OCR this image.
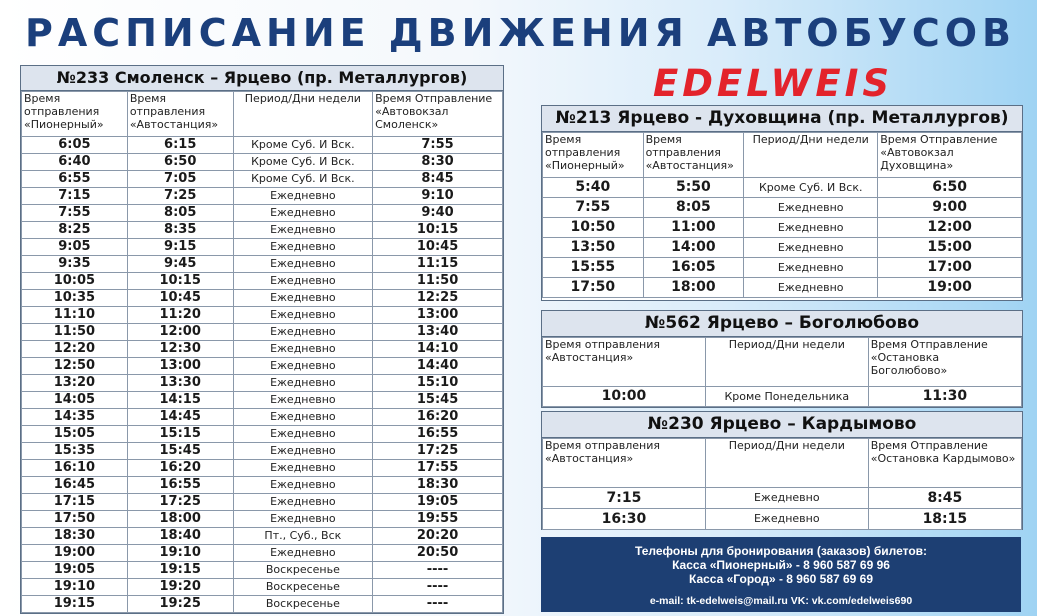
РАСПИСАНИЕ ДВИЖЕНИЯ АВТОБУСОВ
EDELWEIS
№233 Смоленск – Ярцево (пр. Металлургов)
Время отправления «Пионерный»	Время отправления «Автостанция»	Период/Дни недели	Время Отправление «Автовокзал Смоленск»
6:05	6:15	Кроме Суб. И Вск.	7:55
6:40	6:50	Кроме Суб. И Вск.	8:30
6:55	7:05	Кроме Суб. И Вск.	8:45
7:15	7:25	Ежедневно	9:10
7:55	8:05	Ежедневно	9:40
8:25	8:35	Ежедневно	10:15
9:05	9:15	Ежедневно	10:45
9:35	9:45	Ежедневно	11:15
10:05	10:15	Ежедневно	11:50
10:35	10:45	Ежедневно	12:25
11:10	11:20	Ежедневно	13:00
11:50	12:00	Ежедневно	13:40
12:20	12:30	Ежедневно	14:10
12:50	13:00	Ежедневно	14:40
13:20	13:30	Ежедневно	15:10
14:05	14:15	Ежедневно	15:45
14:35	14:45	Ежедневно	16:20
15:05	15:15	Ежедневно	16:55
15:35	15:45	Ежедневно	17:25
16:10	16:20	Ежедневно	17:55
16:45	16:55	Ежедневно	18:30
17:15	17:25	Ежедневно	19:05
17:50	18:00	Ежедневно	19:55
18:30	18:40	Пт., Суб., Вск	20:20
19:00	19:10	Ежедневно	20:50
19:05	19:15	Воскресенье	----
19:10	19:20	Воскресенье	----
19:15	19:25	Воскресенье	----
№213 Ярцево - Духовщина (пр. Металлургов)
Время отправления «Пионерный»	Время отправления «Автостанция»	Период/Дни недели	Время Отправление «Автовокзал Духовщина»
5:40	5:50	Кроме Суб. И Вск.	6:50
7:55	8:05	Ежедневно	9:00
10:50	11:00	Ежедневно	12:00
13:50	14:00	Ежедневно	15:00
15:55	16:05	Ежедневно	17:00
17:50	18:00	Ежедневно	19:00
№562 Ярцево – Боголюбово
Время отправления «Автостанция»	Период/Дни недели	Время Отправление «Остановка Боголюбово»
10:00	Кроме Понедельника	11:30
№230 Ярцево – Кардымово
Время отправления «Автостанция»	Период/Дни недели	Время Отправление «Остановка Кардымово»
7:15	Ежедневно	8:45
16:30	Ежедневно	18:15
Телефоны для бронирования (заказов) билетов:
Касса «Пионерный» - 8 960 587 69 96
Касса «Город» - 8 960 587 69 69
e-mail: tk-edelweis@mail.ru VK: vk.com/edelweis690
